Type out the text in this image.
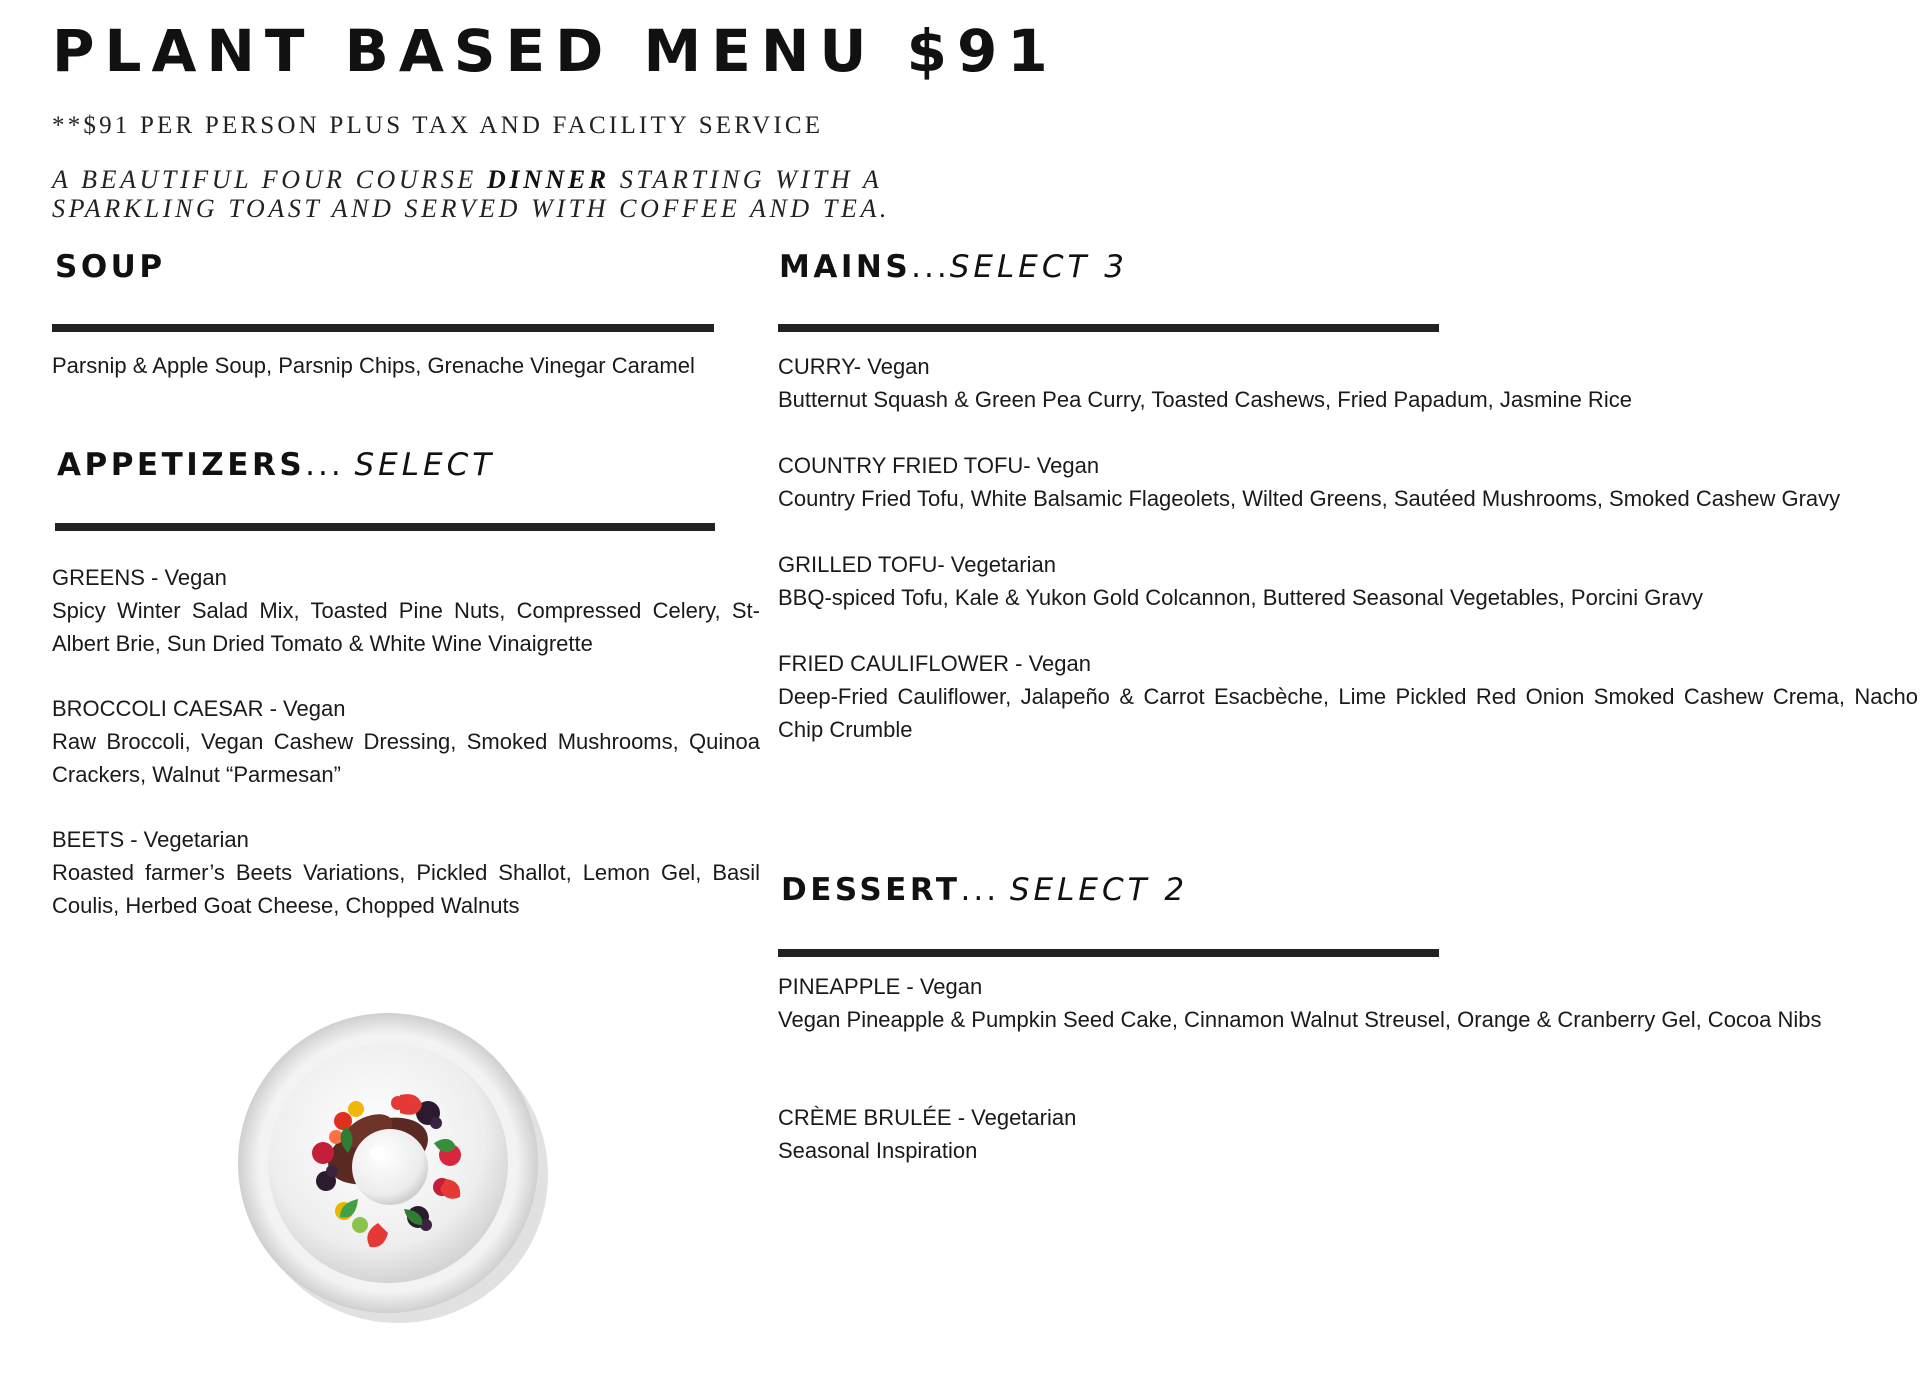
PLANT BASED MENU $91

**$91 PER PERSON PLUS TAX AND FACILITY SERVICE

A BEAUTIFUL FOUR COURSE DINNER STARTING WITH A
SPARKLING TOAST AND SERVED WITH COFFEE AND TEA.

SOUP

Parsnip & Apple Soup, Parsnip Chips, Grenache Vinegar Caramel

APPETIZERS... SELECT
GREENS - Vegan
Spicy Winter Salad Mix, Toasted Pine Nuts, Compressed Celery, St-Albert Brie, Sun Dried Tomato & White Wine Vinaigrette
BROCCOLI CAESAR - Vegan
Raw Broccoli, Vegan Cashew Dressing, Smoked Mushrooms, Quinoa Crackers, Walnut “Parmesan”
BEETS - Vegetarian
Roasted farmer’s Beets Variations, Pickled Shallot, Lemon Gel, Basil Coulis, Herbed Goat Cheese, Chopped Walnuts
MAINS...SELECT 3
CURRY- Vegan
Butternut Squash & Green Pea Curry, Toasted Cashews, Fried Papadum, Jasmine Rice
COUNTRY FRIED TOFU- Vegan
Country Fried Tofu, White Balsamic Flageolets, Wilted Greens, Sautéed Mushrooms, Smoked Cashew Gravy
GRILLED TOFU- Vegetarian
BBQ-spiced Tofu, Kale & Yukon Gold Colcannon, Buttered Seasonal Vegetables, Porcini Gravy
FRIED CAULIFLOWER - Vegan
Deep-Fried Cauliflower, Jalapeño & Carrot Esacbèche, Lime Pickled Red Onion Smoked Cashew Crema, Nacho Chip Crumble
DESSERT... SELECT 2
PINEAPPLE - Vegan
Vegan Pineapple & Pumpkin Seed Cake, Cinnamon Walnut Streusel, Orange & Cranberry Gel, Cocoa Nibs
CRÈME BRULÉE - Vegetarian
Seasonal Inspiration
